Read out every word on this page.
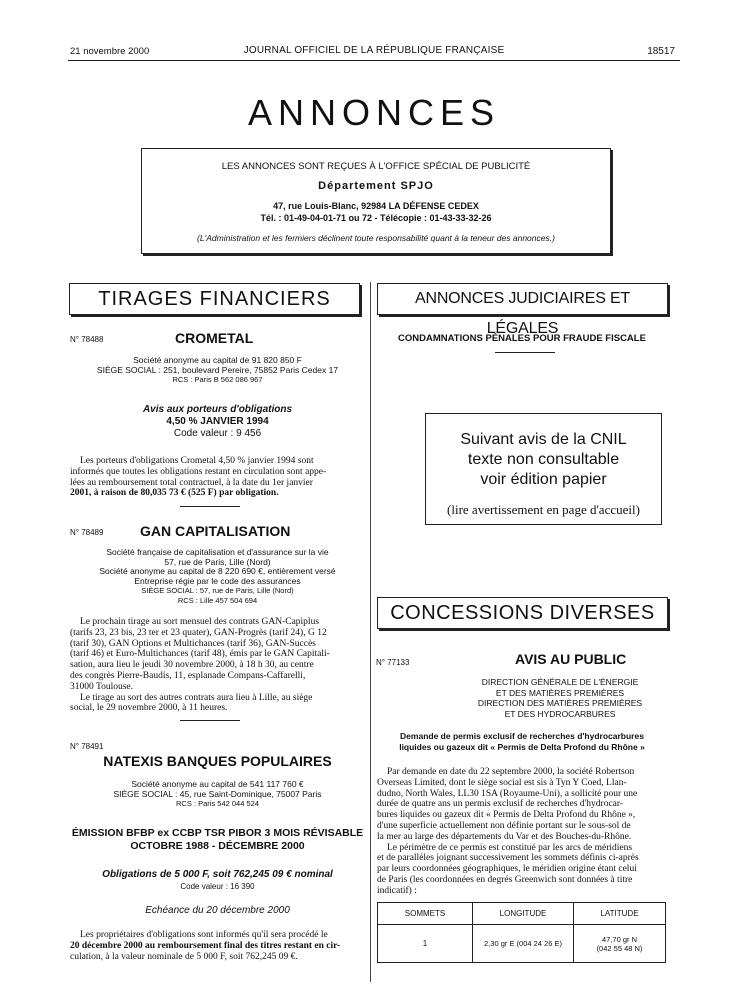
21 novembre 2000	JOURNAL OFFICIEL DE LA RÉPUBLIQUE FRANÇAISE	18517
ANNONCES
LES ANNONCES SONT REÇUES À L'OFFICE SPÉCIAL DE PUBLICITÉ
Département SPJO
47, rue Louis-Blanc, 92984 LA DÉFENSE CEDEX
Tél. : 01-49-04-01-71 ou 72 - Télécopie : 01-43-33-32-26
(L'Administration et les fermiers déclinent toute responsabilité quant à la teneur des annonces.)
TIRAGES FINANCIERS
N° 78488	CROMETAL
Société anonyme au capital de 91 820 850 F
SIÈGE SOCIAL : 251, boulevard Pereire, 75852 Paris Cedex 17
RCS : Paris B 562 086 967
Avis aux porteurs d'obligations
4,50 % JANVIER 1994
Code valeur : 9 456
Les porteurs d'obligations Crometal 4,50 % janvier 1994 sont
informés que toutes les obligations restant en circulation sont appe-
lées au remboursement total contractuel, à la date du 1er janvier
2001, à raison de 80,035 73 € (525 F) par obligation.
N° 78489	GAN CAPITALISATION
Société française de capitalisation et d'assurance sur la vie
57, rue de Paris, Lille (Nord)
Société anonyme au capital de 8 220 690 €, entièrement versé
Entreprise régie par le code des assurances
SIÈGE SOCIAL : 57, rue de Paris, Lille (Nord)
RCS : Lille 457 504 694
Le prochain tirage au sort mensuel des contrats GAN-Capiplus
(tarifs 23, 23 bis, 23 ter et 23 quater), GAN-Progrès (tarif 24), G 12
(tarif 30), GAN Options et Multichances (tarif 36), GAN-Succès
(tarif 46) et Euro-Multichances (tarif 48), émis par le GAN Capitali-
sation, aura lieu le jeudi 30 novembre 2000, à 18 h 30, au centre
des congrès Pierre-Baudis, 11, esplanade Compans-Caffarelli,
31000 Toulouse.
Le tirage au sort des autres contrats aura lieu à Lille, au siège
social, le 29 novembre 2000, à 11 heures.
N° 78491
NATEXIS BANQUES POPULAIRES
Société anonyme au capital de 541 117 760 €
SIÈGE SOCIAL : 45, rue Saint-Dominique, 75007 Paris
RCS : Paris 542 044 524
ÉMISSION BFBP ex CCBP TSR PIBOR 3 MOIS RÉVISABLE
OCTOBRE 1988 - DÉCEMBRE 2000
Obligations de 5 000 F, soit 762,245 09 € nominal
Code valeur : 16 390
Echéance du 20 décembre 2000
Les propriétaires d'obligations sont informés qu'il sera procédé le
20 décembre 2000 au remboursement final des titres restant en cir-
culation, à la valeur nominale de 5 000 F, soit 762,245 09 €.
ANNONCES JUDICIAIRES ET LÉGALES
CONDAMNATIONS PÉNALES POUR FRAUDE FISCALE
Suivant avis de la CNIL
texte non consultable
voir édition papier
(lire avertissement en page d'accueil)
CONCESSIONS DIVERSES
N° 77133	AVIS AU PUBLIC
DIRECTION GÉNÉRALE DE L'ÉNERGIE
ET DES MATIÈRES PREMIÈRES
DIRECTION DES MATIÈRES PREMIÈRES
ET DES HYDROCARBURES
Demande de permis exclusif de recherches d'hydrocarbures
liquides ou gazeux dit « Permis de Delta Profond du Rhône »
Par demande en date du 22 septembre 2000, la société Robertson
Overseas Limited, dont le siège social est sis à Tyn Y Coed, Llan-
dudno, North Wales, LL30 1SA (Royaume-Uni), a sollicité pour une
durée de quatre ans un permis exclusif de recherches d'hydrocar-
bures liquides ou gazeux dit « Permis de Delta Profond du Rhône »,
d'une superficie actuellement non définie portant sur le sous-sol de
la mer au large des départements du Var et des Bouches-du-Rhône.
Le périmètre de ce permis est constitué par les arcs de méridiens
et de parallèles joignant successivement les sommets définis ci-après
par leurs coordonnées géographiques, le méridien origine étant celui
de Paris (les coordonnées en degrés Greenwich sont données à titre
indicatif) :
SOMMETS	LONGITUDE	LATITUDE
1	2,30 gr E (004 24 26 E)	47,70 gr N
(042 55 48 N)
